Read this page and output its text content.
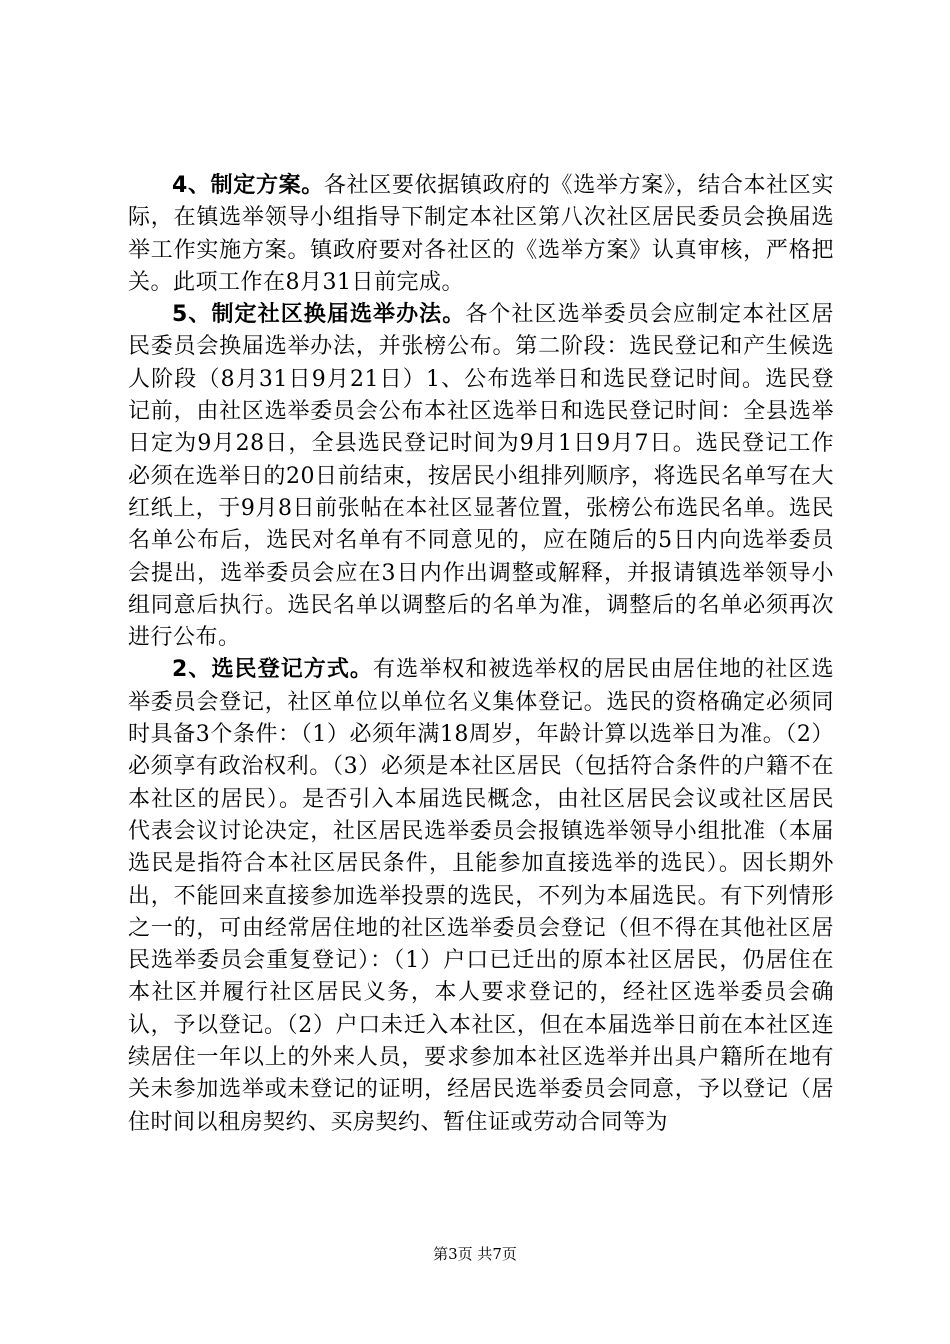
4、制定方案。各社区要依据镇政府的《选举方案》，结合本社区实际，在镇选举领导小组指导下制定本社区第八次社区居民委员会换届选举工作实施方案。镇政府要对各社区的《选举方案》认真审核，严格把关。此项工作在8月31日前完成。

5、制定社区换届选举办法。各个社区选举委员会应制定本社区居民委员会换届选举办法，并张榜公布。第二阶段：选民登记和产生候选人阶段（8月31日9月21日）1、公布选举日和选民登记时间。选民登记前，由社区选举委员会公布本社区选举日和选民登记时间：全县选举日定为9月28日，全县选民登记时间为9月1日9月7日。选民登记工作必须在选举日的20日前结束，按居民小组排列顺序，将选民名单写在大红纸上，于9月8日前张帖在本社区显著位置，张榜公布选民名单。选民名单公布后，选民对名单有不同意见的，应在随后的5日内向选举委员会提出，选举委员会应在3日内作出调整或解释，并报请镇选举领导小组同意后执行。选民名单以调整后的名单为准，调整后的名单必须再次进行公布。

2、选民登记方式。有选举权和被选举权的居民由居住地的社区选举委员会登记，社区单位以单位名义集体登记。选民的资格确定必须同时具备3个条件：（1）必须年满18周岁，年龄计算以选举日为准。（2）必须享有政治权利。（3）必须是本社区居民（包括符合条件的户籍不在本社区的居民）。是否引入本届选民概念，由社区居民会议或社区居民代表会议讨论决定，社区居民选举委员会报镇选举领导小组批准（本届选民是指符合本社区居民条件，且能参加直接选举的选民）。因长期外出，不能回来直接参加选举投票的选民，不列为本届选民。有下列情形之一的，可由经常居住地的社区选举委员会登记（但不得在其他社区居民选举委员会重复登记）：（1）户口已迁出的原本社区居民，仍居住在本社区并履行社区居民义务，本人要求登记的，经社区选举委员会确认，予以登记。（2）户口未迁入本社区，但在本届选举日前在本社区连续居住一年以上的外来人员，要求参加本社区选举并出具户籍所在地有关未参加选举或未登记的证明，经居民选举委员会同意，予以登记（居住时间以租房契约、买房契约、暂住证或劳动合同等为

第3页 共7页
